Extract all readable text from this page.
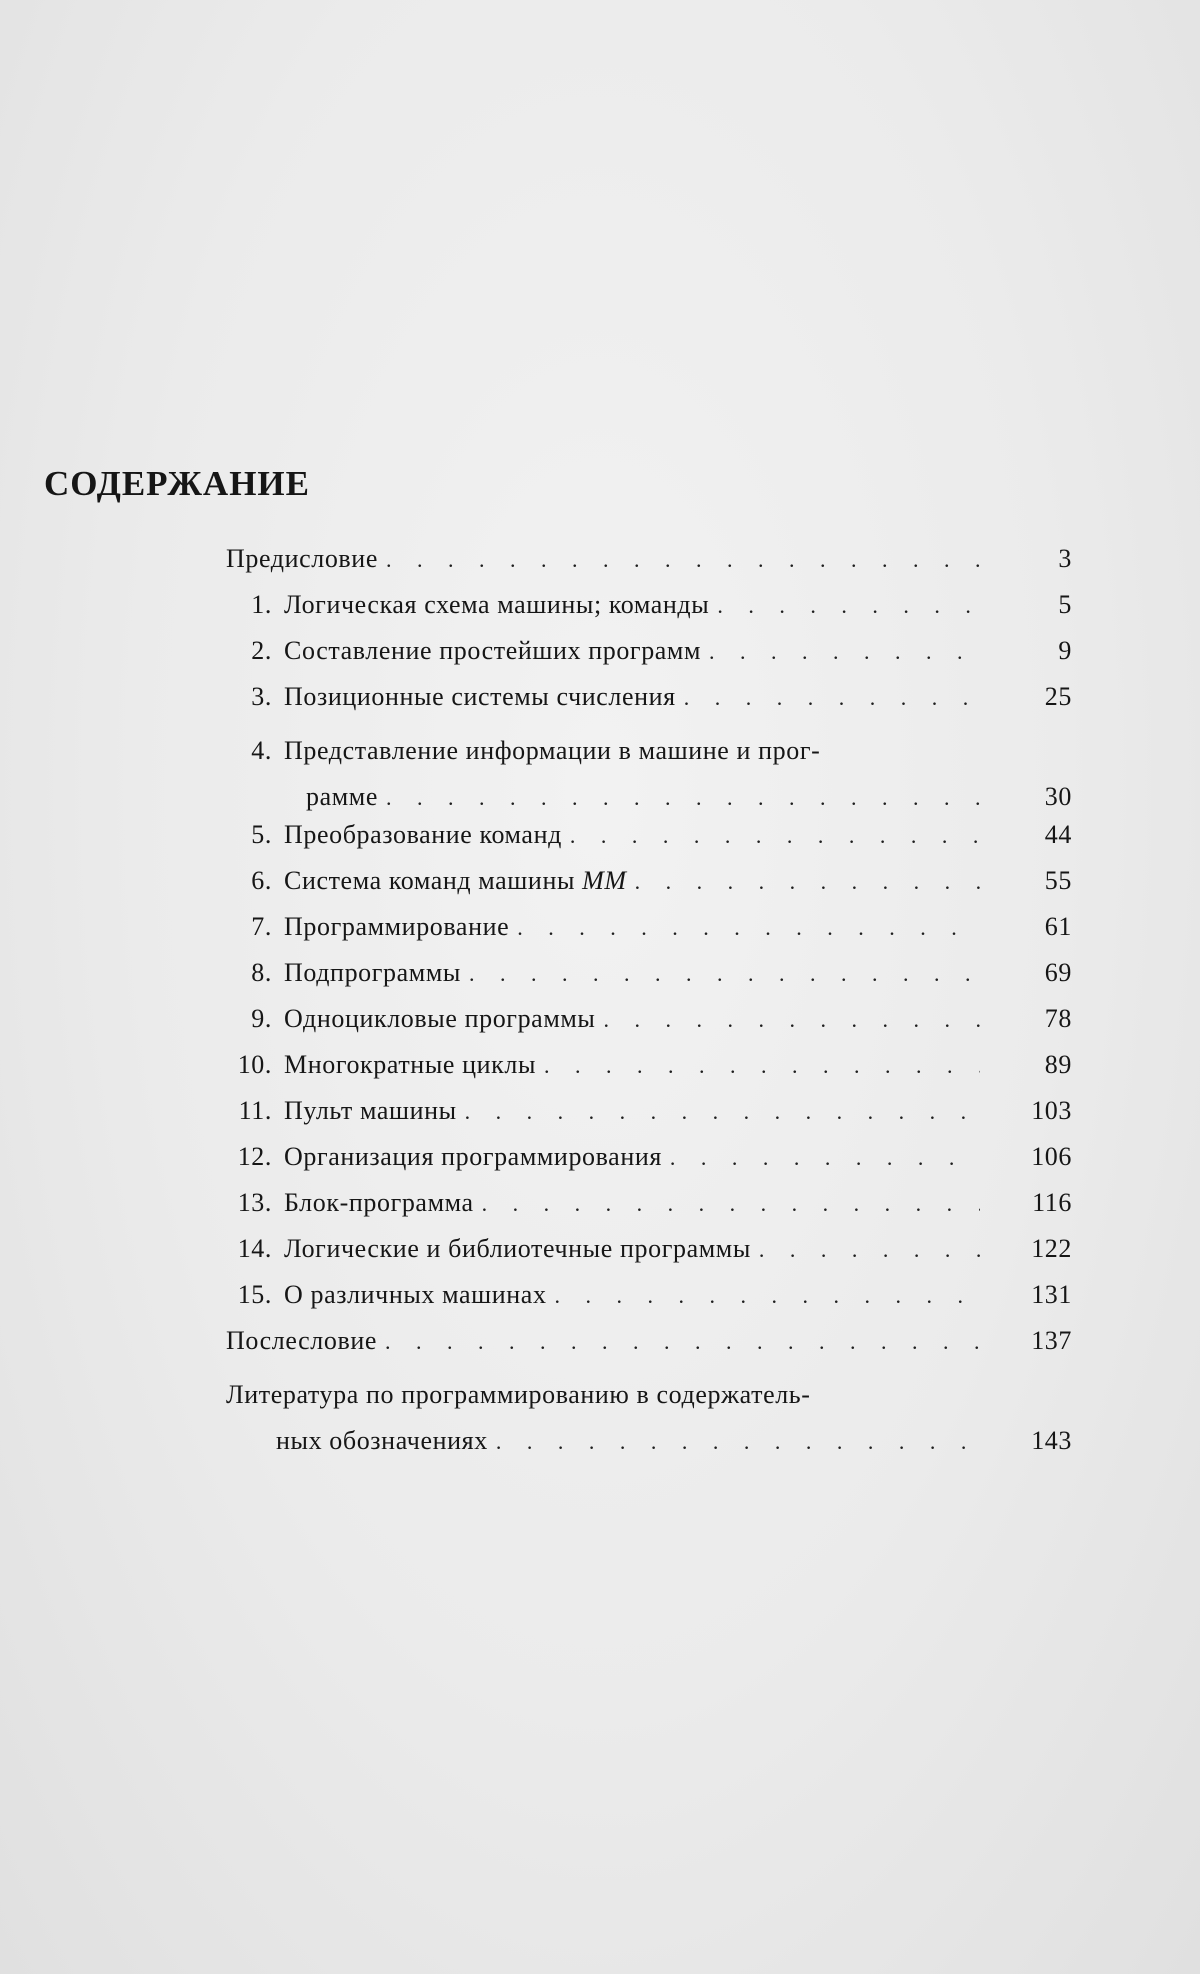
СОДЕРЖАНИЕ
Предисловие . . .	3
1. Логическая схема машины; команды . . .	5
2. Составление простейших программ . . .	9
3. Позиционные системы счисления . . .	25
4. Представление информации в машине и прог-
рамме . . .	30
5. Преобразование команд . . .	44
6. Система команд машины ММ . . .	55
7. Программирование . . .	61
8. Подпрограммы . . .	69
9. Одноцикловые программы . . .	78
10. Многократные циклы . . .	89
11. Пульт машины . . .	103
12. Организация программирования . . .	106
13. Блок-программа . . .	116
14. Логические и библиотечные программы . . .	122
15. О различных машинах . . .	131
Послесловие . . .	137
Литература по программированию в содержатель-
ных обозначениях . . .	143
